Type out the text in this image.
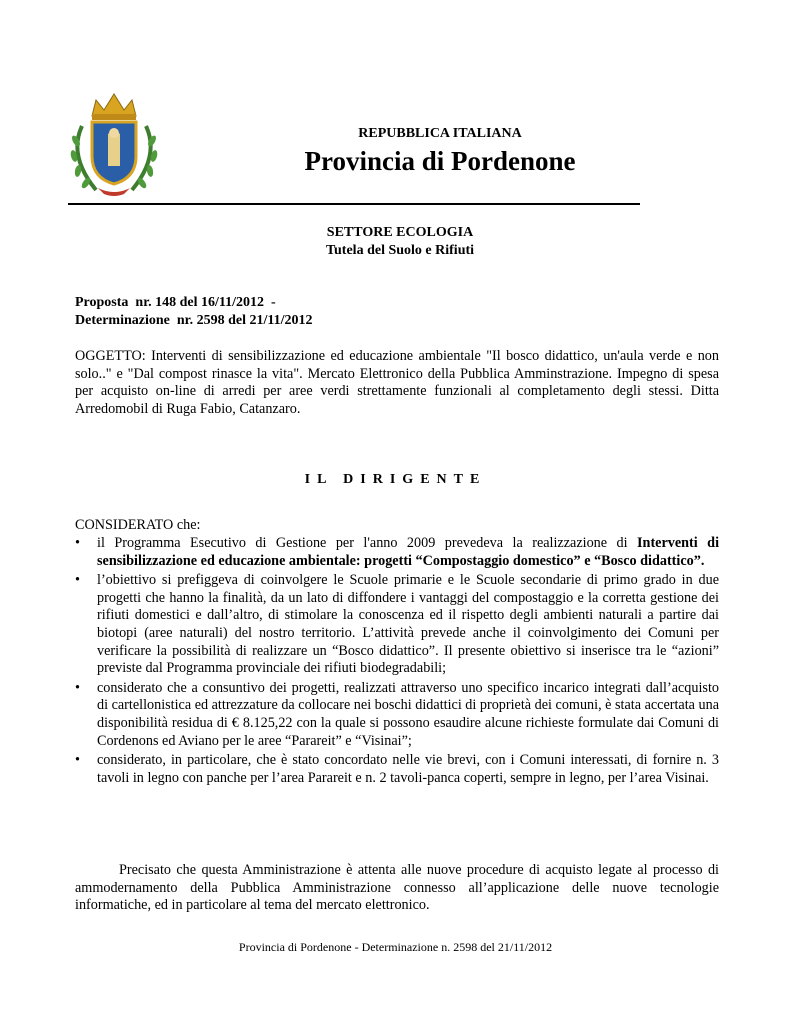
REPUBBLICA ITALIANA
Provincia di Pordenone
SETTORE ECOLOGIA
Tutela del Suolo e Rifiuti
Proposta  nr. 148 del 16/11/2012  -
Determinazione  nr. 2598 del 21/11/2012
OGGETTO: Interventi di sensibilizzazione ed educazione ambientale "Il bosco didattico, un'aula verde e non solo.." e "Dal compost rinasce la vita". Mercato Elettronico della Pubblica Amminstrazione. Impegno di spesa per acquisto on-line di arredi per aree verdi strettamente funzionali al completamento degli stessi. Ditta Arredomobil di Ruga Fabio, Catanzaro.
IL DIRIGENTE
CONSIDERATO che:
• il Programma Esecutivo di Gestione per l'anno 2009 prevedeva la realizzazione di Interventi di sensibilizzazione ed educazione ambientale: progetti “Compostaggio domestico” e “Bosco didattico”.
• l’obiettivo si prefiggeva di coinvolgere le Scuole primarie e le Scuole secondarie di primo grado in due progetti che hanno la finalità, da un lato di diffondere i vantaggi del compostaggio e la corretta gestione dei rifiuti domestici e dall’altro, di stimolare la conoscenza ed il rispetto degli ambienti naturali a partire dai biotopi (aree naturali) del nostro territorio. L’attività prevede anche il coinvolgimento dei Comuni per verificare la possibilità di realizzare un “Bosco didattico”. Il presente obiettivo si inserisce tra le “azioni” previste dal Programma provinciale dei rifiuti biodegradabili;
• considerato che a consuntivo dei progetti, realizzati attraverso uno specifico incarico integrati dall’acquisto di cartellonistica ed attrezzature da collocare nei boschi didattici di proprietà dei comuni, è stata accertata una disponibilità residua di € 8.125,22 con la quale si possono esaudire alcune richieste formulate dai Comuni di Cordenons ed Aviano per le aree “Parareit” e “Visinai”;
• considerato, in particolare, che è stato concordato nelle vie brevi, con i Comuni interessati, di fornire n. 3 tavoli in legno con panche per l’area Parareit e n. 2 tavoli-panca coperti, sempre in legno, per l’area Visinai.
Precisato che questa Amministrazione è attenta alle nuove procedure di acquisto legate al processo di ammodernamento della Pubblica Amministrazione connesso all’applicazione delle nuove tecnologie informatiche, ed in particolare al tema del mercato elettronico.
Provincia di Pordenone - Determinazione n. 2598 del 21/11/2012
